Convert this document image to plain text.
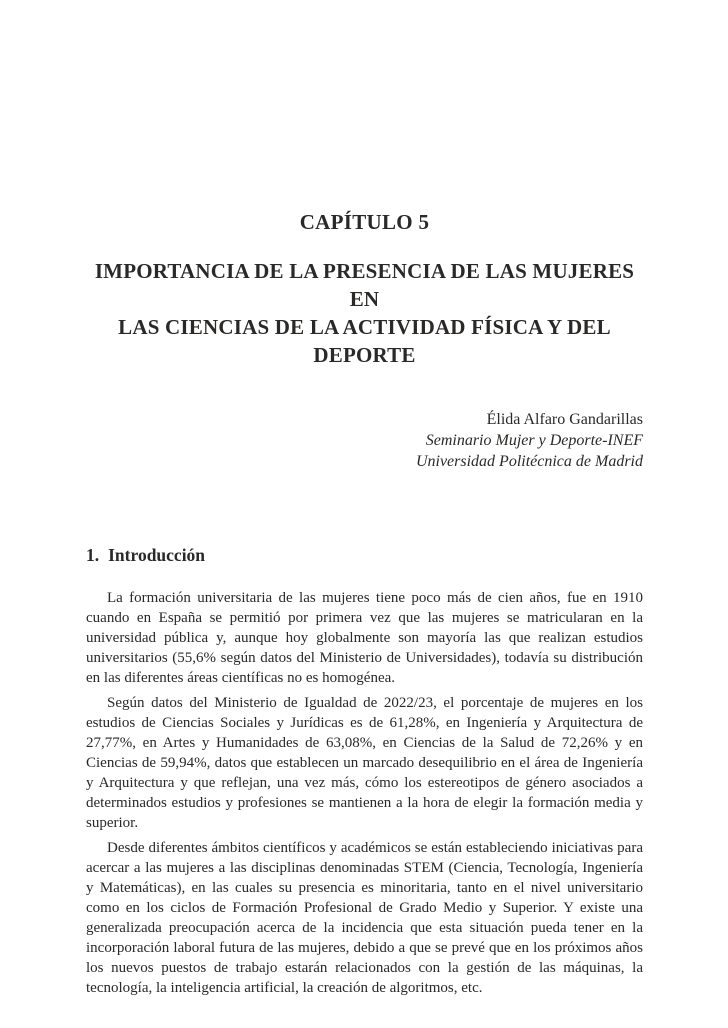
CAPÍTULO 5
IMPORTANCIA DE LA PRESENCIA DE LAS MUJERES EN
LAS CIENCIAS DE LA ACTIVIDAD FÍSICA Y DEL DEPORTE
Élida Alfaro Gandarillas
Seminario Mujer y Deporte-INEF
Universidad Politécnica de Madrid
1. Introducción

La formación universitaria de las mujeres tiene poco más de cien años, fue en 1910 cuando en España se permitió por primera vez que las mujeres se matricularan en la universidad pública y, aunque hoy globalmente son mayoría las que realizan estudios universitarios (55,6% según datos del Ministerio de Universidades), todavía su distribución en las diferentes áreas científicas no es homogénea.

Según datos del Ministerio de Igualdad de 2022/23, el porcentaje de mujeres en los estudios de Ciencias Sociales y Jurídicas es de 61,28%, en Ingeniería y Arquitectura de 27,77%, en Artes y Humanidades de 63,08%, en Ciencias de la Salud de 72,26% y en Ciencias de 59,94%, datos que establecen un marcado desequilibrio en el área de Ingeniería y Arquitectura y que reflejan, una vez más, cómo los estereotipos de género asociados a determinados estudios y profesiones se mantienen a la hora de elegir la formación media y superior.

Desde diferentes ámbitos científicos y académicos se están estableciendo iniciativas para acercar a las mujeres a las disciplinas denominadas STEM (Ciencia, Tecnología, Ingeniería y Matemáticas), en las cuales su presencia es minoritaria, tanto en el nivel universitario como en los ciclos de Formación Profesional de Grado Medio y Superior. Y existe una generalizada preocupación acerca de la incidencia que esta situación pueda tener en la incorporación laboral futura de las mujeres, debido a que se prevé que en los próximos años los nuevos puestos de trabajo estarán relacionados con la gestión de las máquinas, la tecnología, la inteligencia artificial, la creación de algoritmos, etc.
